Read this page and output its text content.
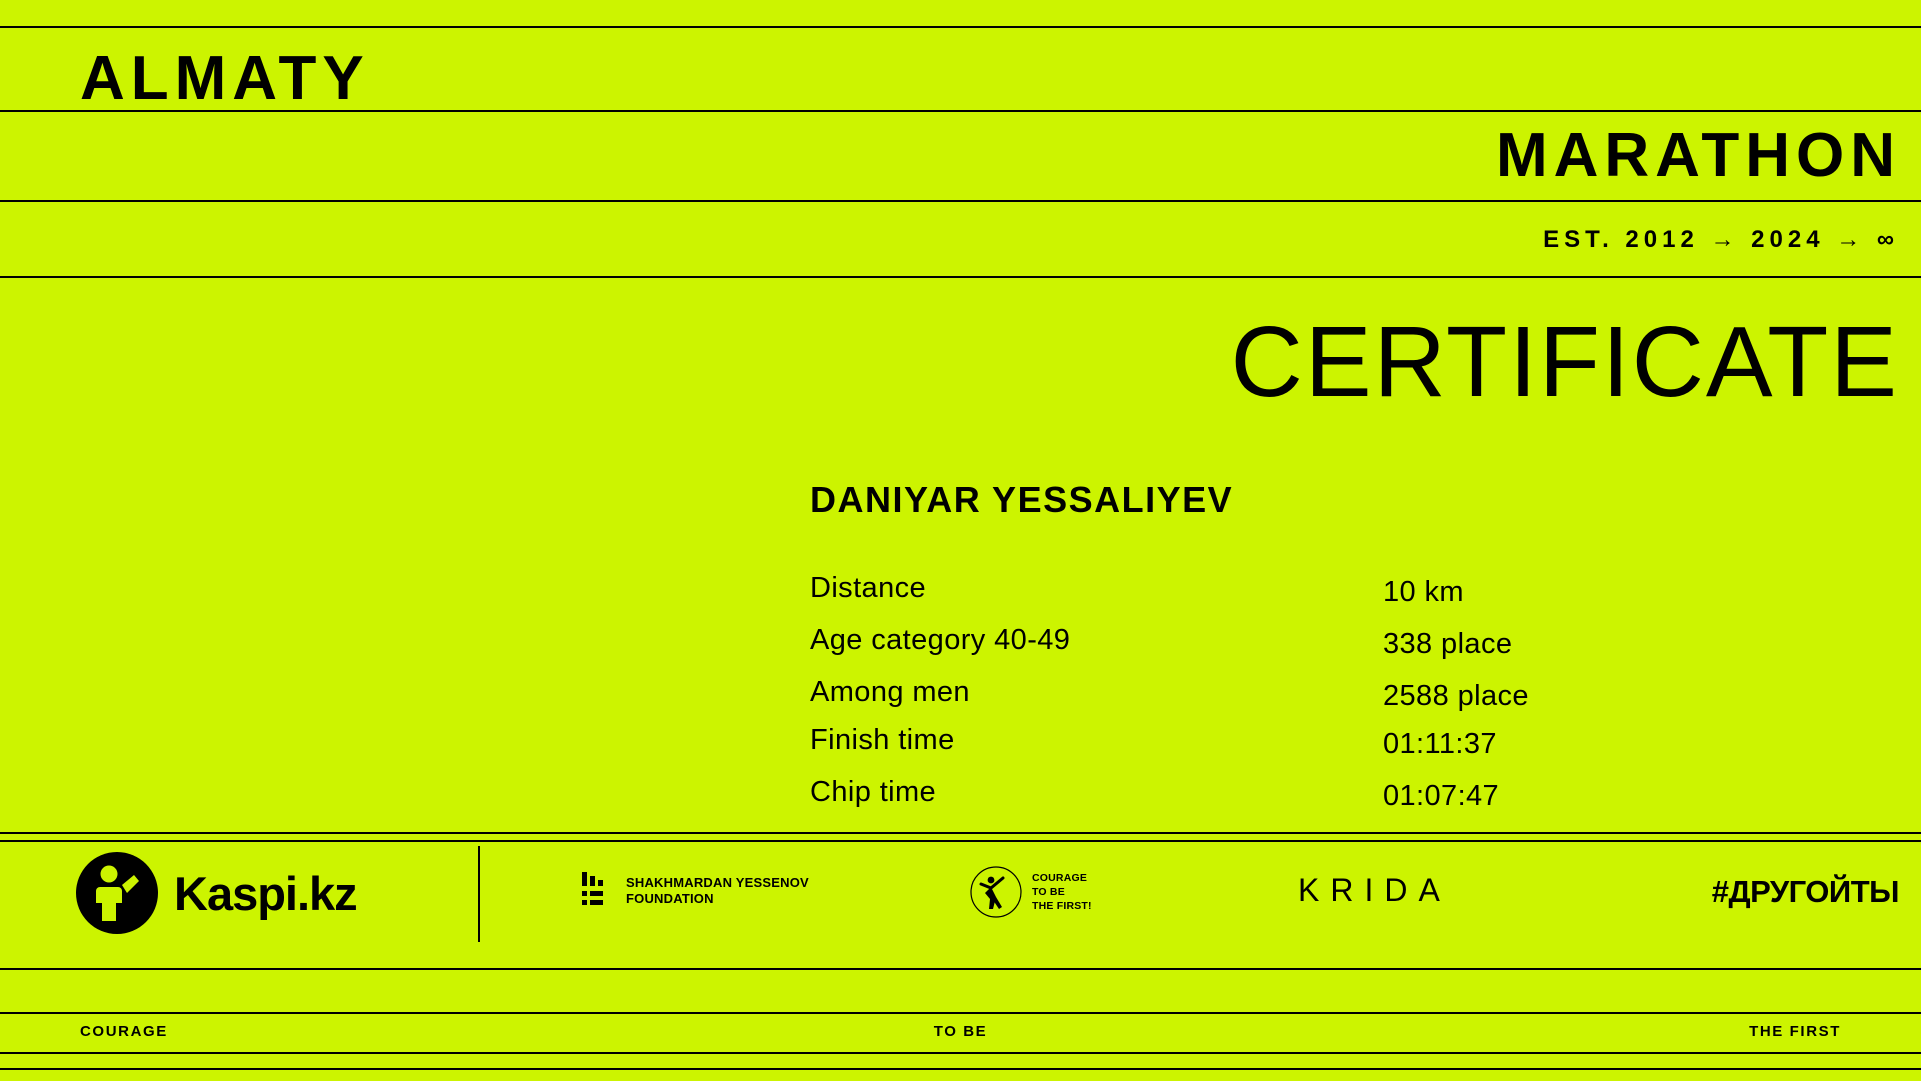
ALMATY
MARATHON
EST. 2012 → 2024 → ∞
CERTIFICATE
DANIYAR YESSALIYEV
Distance	10 km
Age category 40-49	338 place
Among men	2588 place
Finish time	01:11:37
Chip time	01:07:47
Kaspi.kz	SHAKHMARDAN YESSENOV
FOUNDATION
COURAGE
TO BE
THE FIRST!	KRIDA	#ДРУГОЙТЫ
COURAGE	TO BE	THE FIRST
